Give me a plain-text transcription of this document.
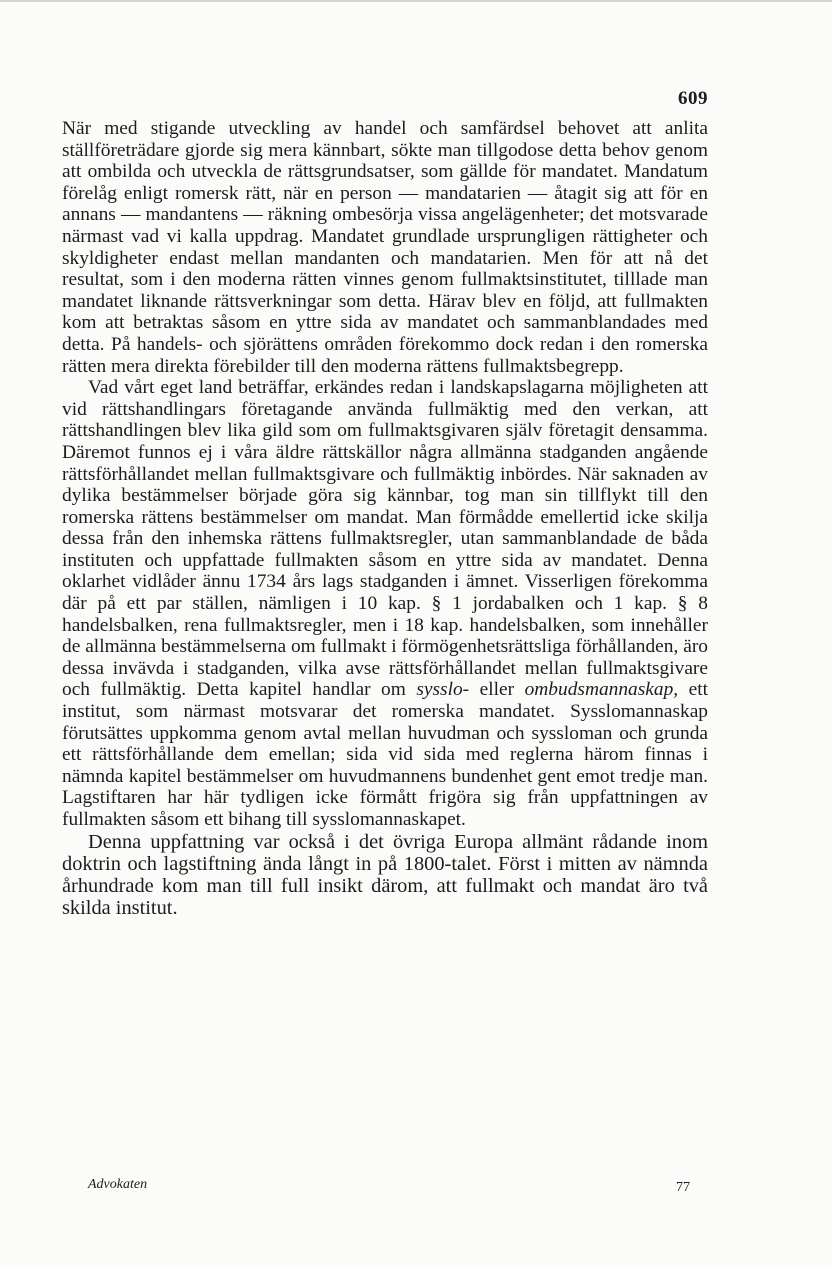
609

När med stigande utveckling av handel och samfärdsel behovet att anlita ställföreträdare gjorde sig mera kännbart, sökte man tillgodose detta behov genom att ombilda och utveckla de rättsgrundsatser, som gällde för mandatet. Mandatum förelåg enligt romersk rätt, när en person — mandatarien — åtagit sig att för en annans — mandantens — räkning ombesörja vissa angelägenheter; det motsvarade närmast vad vi kalla uppdrag. Mandatet grundlade ursprungligen rättigheter och skyldigheter endast mellan mandanten och mandatarien. Men för att nå det resultat, som i den moderna rätten vinnes genom fullmaktsinstitutet, tilllade man mandatet liknande rättsverkningar som detta. Härav blev en följd, att fullmakten kom att betraktas såsom en yttre sida av mandatet och sammanblandades med detta. På handels- och sjörättens områden förekommo dock redan i den romerska rätten mera direkta förebilder till den moderna rättens fullmaktsbegrepp.

Vad vårt eget land beträffar, erkändes redan i landskapslagarna möjligheten att vid rättshandlingars företagande använda fullmäktig med den verkan, att rättshandlingen blev lika gild som om fullmaktsgivaren själv företagit densamma. Däremot funnos ej i våra äldre rättskällor några allmänna stadganden angående rättsförhållandet mellan fullmaktsgivare och fullmäktig inbördes. När saknaden av dylika bestämmelser började göra sig kännbar, tog man sin tillflykt till den romerska rättens bestämmelser om mandat. Man förmådde emellertid icke skilja dessa från den inhemska rättens fullmaktsregler, utan sammanblandade de båda instituten och uppfattade fullmakten såsom en yttre sida av mandatet. Denna oklarhet vidlåder ännu 1734 års lags stadganden i ämnet. Visserligen förekomma där på ett par ställen, nämligen i 10 kap. § 1 jordabalken och 1 kap. § 8 handelsbalken, rena fullmaktsregler, men i 18 kap. handelsbalken, som innehåller de allmänna bestämmelserna om fullmakt i förmögenhetsrättsliga förhållanden, äro dessa invävda i stadganden, vilka avse rättsförhållandet mellan fullmaktsgivare och fullmäktig. Detta kapitel handlar om sysslo- eller ombudsmannaskap, ett institut, som närmast motsvarar det romerska mandatet. Sysslomannaskap förutsättes uppkomma genom avtal mellan huvudman och syssloman och grunda ett rättsförhållande dem emellan; sida vid sida med reglerna härom finnas i nämnda kapitel bestämmelser om huvudmannens bundenhet gent emot tredje man. Lagstiftaren har här tydligen icke förmått frigöra sig från uppfattningen av fullmakten såsom ett bihang till sysslomannaskapet.

Denna uppfattning var också i det övriga Europa allmänt rådande inom doktrin och lagstiftning ända långt in på 1800-talet. Först i mitten av nämnda århundrade kom man till full insikt därom, att fullmakt och mandat äro två skilda institut.

Advokaten	77
